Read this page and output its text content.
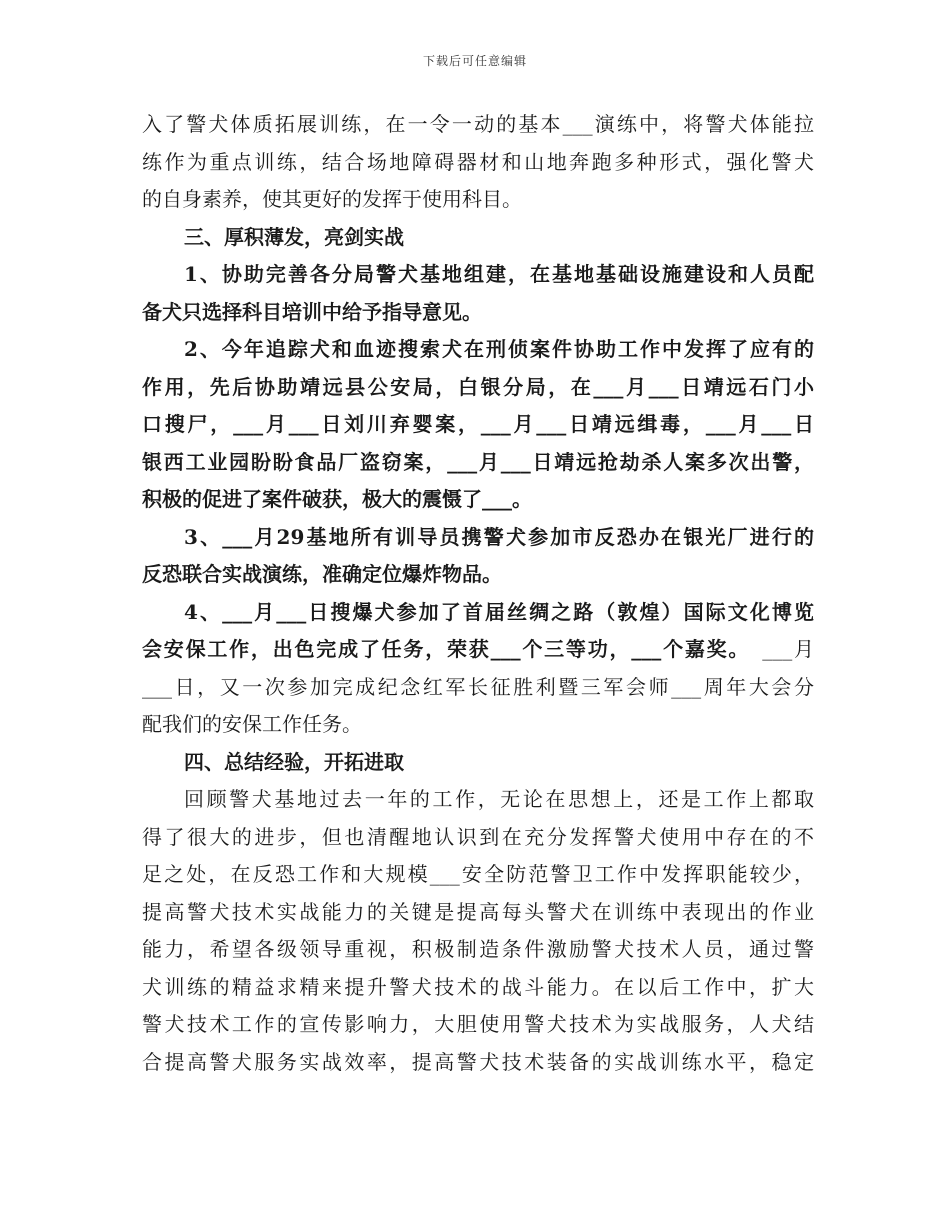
下载后可任意编辑
入了警犬体质拓展训练，在一令一动的基本___演练中，将警犬体能拉
练作为重点训练，结合场地障碍器材和山地奔跑多种形式，强化警犬
的自身素养，使其更好的发挥于使用科目。
三、厚积薄发，亮剑实战
1、协助完善各分局警犬基地组建，在基地基础设施建设和人员配
备犬只选择科目培训中给予指导意见。
2、今年追踪犬和血迹搜索犬在刑侦案件协助工作中发挥了应有的
作用，先后协助靖远县公安局，白银分局，在___月___日靖远石门小
口搜尸，___月___日刘川弃婴案，___月___日靖远缉毒，___月___日
银西工业园盼盼食品厂盗窃案，___月___日靖远抢劫杀人案多次出警，
积极的促进了案件破获，极大的震慑了___。
3、___月29基地所有训导员携警犬参加市反恐办在银光厂进行的
反恐联合实战演练，准确定位爆炸物品。
4、___月___日搜爆犬参加了首届丝绸之路（敦煌）国际文化博览
会安保工作，出色完成了任务，荣获___个三等功，___个嘉奖。 ___月
___日，又一次参加完成纪念红军长征胜利暨三军会师___周年大会分
配我们的安保工作任务。
四、总结经验，开拓进取
回顾警犬基地过去一年的工作，无论在思想上，还是工作上都取
得了很大的进步，但也清醒地认识到在充分发挥警犬使用中存在的不
足之处，在反恐工作和大规模___安全防范警卫工作中发挥职能较少，
提高警犬技术实战能力的关键是提高每头警犬在训练中表现出的作业
能力，希望各级领导重视，积极制造条件激励警犬技术人员，通过警
犬训练的精益求精来提升警犬技术的战斗能力。在以后工作中，扩大
警犬技术工作的宣传影响力，大胆使用警犬技术为实战服务，人犬结
合提高警犬服务实战效率，提高警犬技术装备的实战训练水平，稳定
